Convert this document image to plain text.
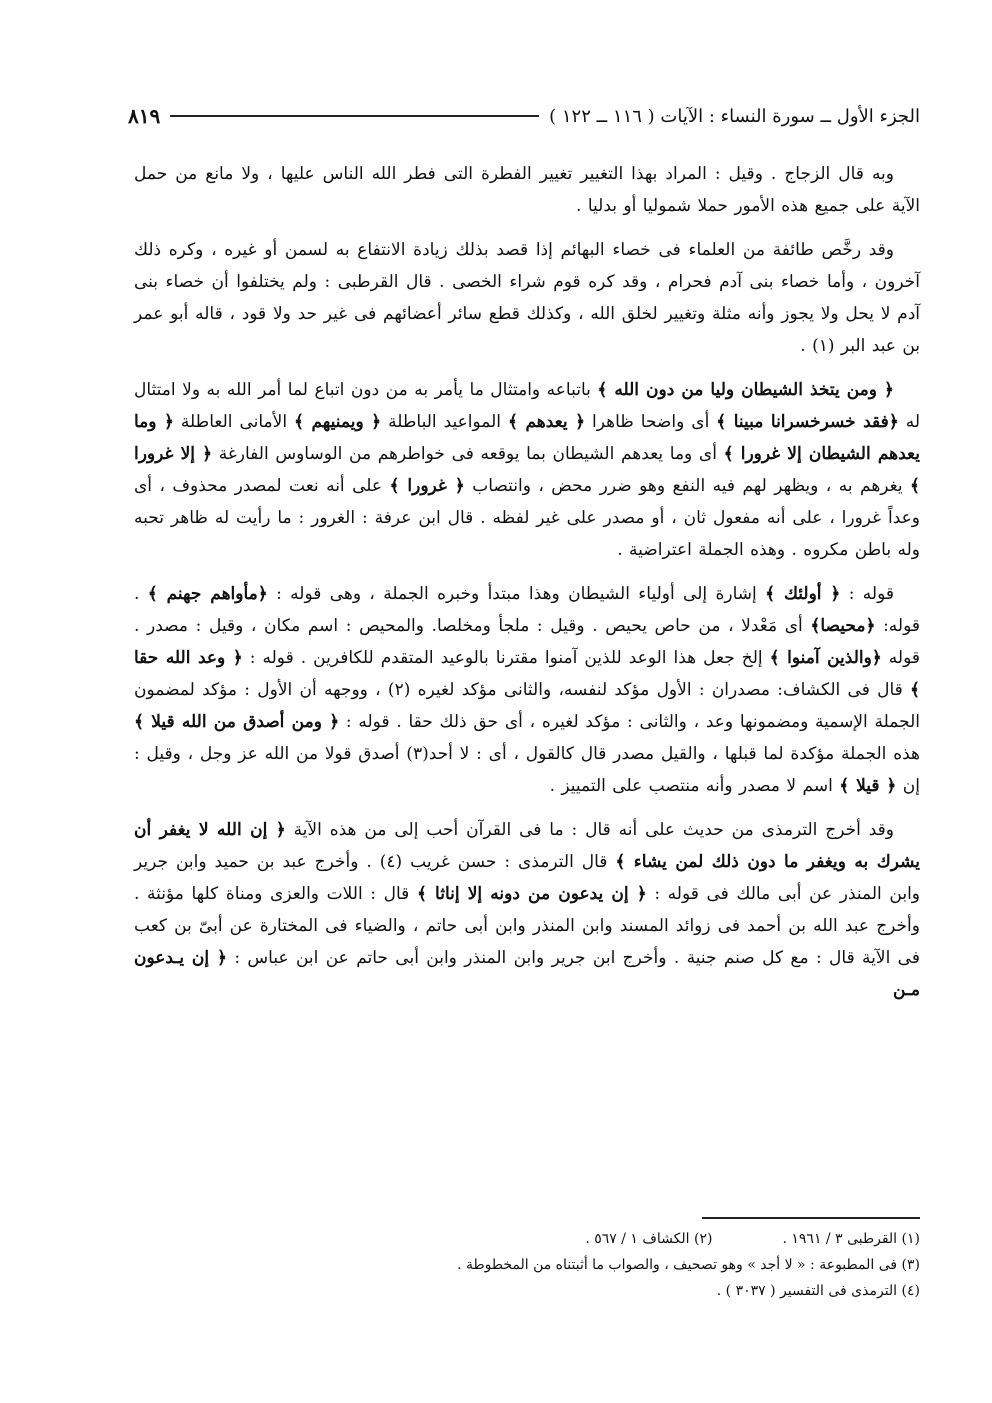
الجزء الأول ــ سورة النساء : الآيات ( ١١٦ ــ ١٢٢ )
٨١٩

وبه قال الزجاج . وقيل : المراد بهذا التغيير تغيير الفطرة التى فطر الله الناس عليها ، ولا مانع من حمل الآية على جميع هذه الأمور حملا شموليا أو بدليا .

وقد رخَّص طائفة من العلماء فى خصاء البهائم إذا قصد بذلك زيادة الانتفاع به لسمن أو غيره ، وكره ذلك آخرون ، وأما خصاء بنى آدم فحرام ، وقد كره قوم شراء الخصى . قال القرطبى : ولم يختلفوا أن خصاء بنى آدم لا يحل ولا يجوز وأنه مثلة وتغيير لخلق الله ، وكذلك قطع سائر أعضائهم فى غير حد ولا قود ، قاله أبو عمر بن عبد البر (١) .

﴿ ومن يتخذ الشيطان وليا من دون الله ﴾ باتباعه وامتثال ما يأمر به من دون اتباع لما أمر الله به ولا امتثال له ﴿فقد خسرخسرانا مبينا ﴾ أى واضحا ظاهرا ﴿ يعدهم ﴾ المواعيد الباطلة ﴿ ويمنيهم ﴾ الأمانى العاطلة ﴿ وما يعدهم الشيطان إلا غرورا ﴾ أى وما يعدهم الشيطان بما يوقعه فى خواطرهم من الوساوس الفارغة ﴿ إلا غرورا ﴾ يغرهم به ، ويظهر لهم فيه النفع وهو ضرر محض ، وانتصاب ﴿ غرورا ﴾ على أنه نعت لمصدر محذوف ، أى وعداً غرورا ، على أنه مفعول ثان ، أو مصدر على غير لفظه . قال ابن عرفة : الغرور : ما رأيت له ظاهر تحبه وله باطن مكروه . وهذه الجملة اعتراضية .

قوله : ﴿ أولئك ﴾ إشارة إلى أولياء الشيطان وهذا مبتدأ وخبره الجملة ، وهى قوله : ﴿مأواهم جهنم ﴾ . قوله: ﴿محيصا﴾ أى مَعْدلا ، من حاص يحيص . وقيل : ملجأ ومخلصا. والمحيص : اسم مكان ، وقيل : مصدر . قوله ﴿والذين آمنوا ﴾ إلخ جعل هذا الوعد للذين آمنوا مقترنا بالوعيد المتقدم للكافرين . قوله : ﴿ وعد الله حقا ﴾ قال فى الكشاف: مصدران : الأول مؤكد لنفسه، والثانى مؤكد لغيره (٢) ، ووجهه أن الأول : مؤكد لمضمون الجملة الإسمية ومضمونها وعد ، والثانى : مؤكد لغيره ، أى حق ذلك حقا . قوله : ﴿ ومن أصدق من الله قيلا ﴾ هذه الجملة مؤكدة لما قبلها ، والقيل مصدر قال كالقول ، أى : لا أحد(٣) أصدق قولا من الله عز وجل ، وقيل : إن ﴿ قيلا ﴾ اسم لا مصدر وأنه منتصب على التمييز .

وقد أخرج الترمذى من حديث على أنه قال : ما فى القرآن أحب إلى من هذه الآية ﴿ إن الله لا يغفر أن يشرك به ويغفر ما دون ذلك لمن يشاء ﴾ قال الترمذى : حسن غريب (٤) . وأخرج عبد بن حميد وابن جرير وابن المنذر عن أبى مالك فى قوله : ﴿ إن يدعون من دونه إلا إناثا ﴾ قال : اللات والعزى ومناة كلها مؤنثة . وأخرج عبد الله بن أحمد فى زوائد المسند وابن المنذر وابن أبى حاتم ، والضياء فى المختارة عن أبىّ بن كعب فى الآية قال : مع كل صنم جنية . وأخرج ابن جرير وابن المنذر وابن أبى حاتم عن ابن عباس : ﴿ إن يـدعون مـن

(١) القرطبى ٣ / ١٩٦١ .
(٢) الكشاف ١ / ٥٦٧ .
(٣) فى المطبوعة : « لا أجد » وهو تصحيف ، والصواب ما أثبتناه من المخطوطة .
(٤) الترمذى فى التفسير ( ٣٠٣٧ ) .
